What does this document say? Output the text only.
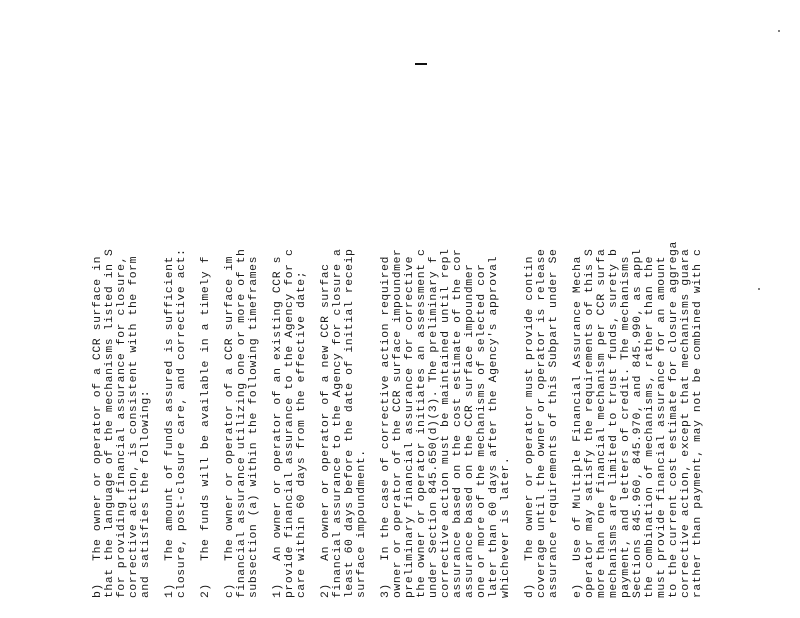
b)   The owner or operator of a CCR surface in that the language of the mechanisms listed in S for providing financial assurance for closure, corrective action, is consistent with the form and satisfies the following: 1)   The amount of funds assured is sufficient closure, post-closure care, and corrective act: 2)   The funds will be available in a timely f c)   The owner or operator of a CCR surface im financial assurance utilizing one or more of th subsection (a) within the following timeframes 1)   An owner or operator of an existing CCR s provide financial assurance to the Agency for c care within 60 days from the effective date; 2)   An owner or operator of a new CCR surfac financial assurance to the Agency for closure a least 60 days before the date of initial receip surface impoundment. 3)   In the case of corrective action required owner or operator of the CCR surface impoundmer preliminary financial assurance for corrective the owner or operator initiates an assessment c under Section 845.650(d)(3). The preliminary f corrective action must be maintained until repl assurance based on the cost estimate of the cor assurance based on the CCR surface impoundmer one or more of the mechanisms of selected cor later than 60 days after the Agency's approval whichever is later. d)   The owner or operator must provide contin coverage until the owner or operator is release assurance requirements of this Subpart under Se e)   Use of Multiple Financial Assurance Mecha operator may satisfy the requirements of this S more than one financial mechanism per CCR surfa mechanisms are limited to trust funds, surety b payment, and letters of credit. The mechanisms Sections 845.960, 845.970, and 845.990, as appl the combination of mechanisms, rather than the must provide financial assurance for an amount to the current cost estimate for closure aggrega corrective action, except that mechanisms guara rather than payment, may not be combined with c
